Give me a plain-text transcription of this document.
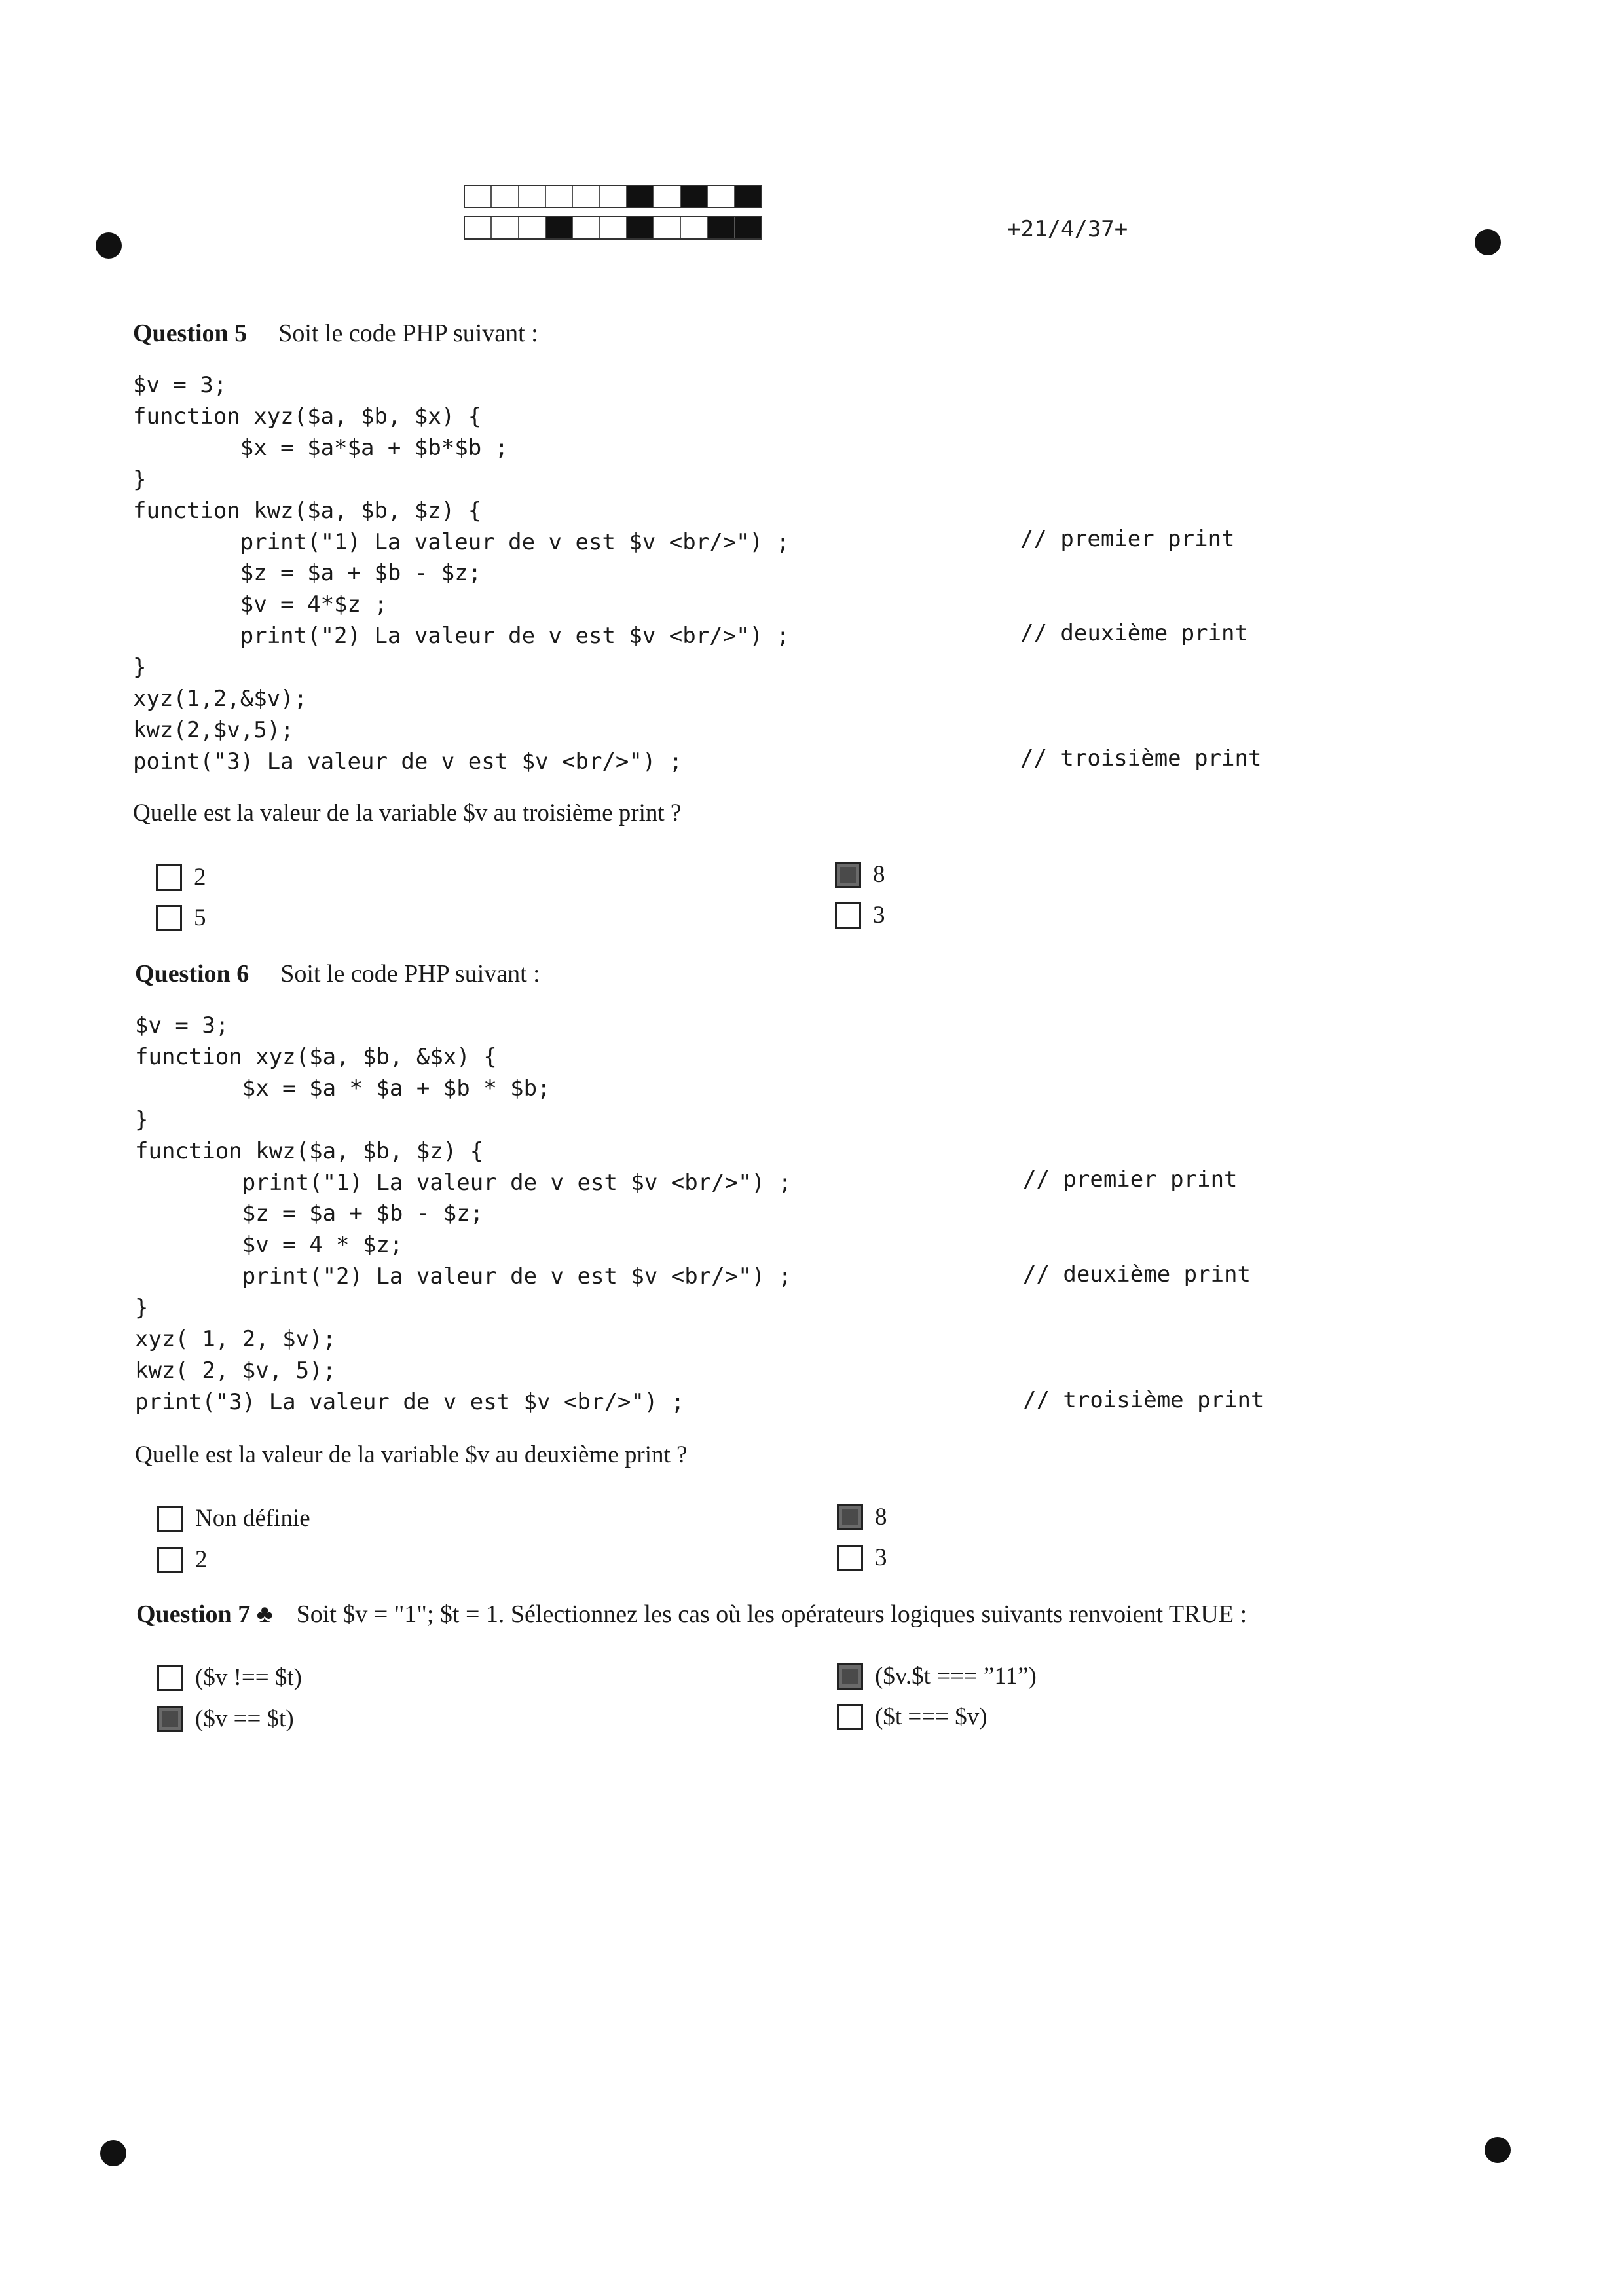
+21/4/37+
Question 5 Soit le code PHP suivant :
$v = 3;
function xyz($a, $b, $x) {
$x = $a*$a + $b*$b ;
}
function kwz($a, $b, $z) {
print("1) La valeur de v est $v <br/>") ;
$z = $a + $b - $z;
$v = 4*$z ;
print("2) La valeur de v est $v <br/>") ;
}
xyz(1,2,&$v);
kwz(2,$v,5);
point("3) La valeur de v est $v <br/>") ;
// premier print
// deuxième print
// troisième print
Quelle est la valeur de la variable $v au troisième print ?
2
5
8
3
Question 6 Soit le code PHP suivant :
$v = 3;
function xyz($a, $b, &$x) {
$x = $a * $a + $b * $b;
}
function kwz($a, $b, $z) {
print("1) La valeur de v est $v <br/>") ;
$z = $a + $b - $z;
$v = 4 * $z;
print("2) La valeur de v est $v <br/>") ;
}
xyz( 1, 2, $v);
kwz( 2, $v, 5);
print("3) La valeur de v est $v <br/>") ;
// premier print
// deuxième print
// troisième print
Quelle est la valeur de la variable $v au deuxième print ?
Non définie
2
8
3
Question 7 ♣ Soit $v = "1"; $t = 1. Sélectionnez les cas où les opérateurs logiques suivants renvoient TRUE :
($v !== $t)
($v == $t)
($v.$t === ”11”)
($t === $v)
